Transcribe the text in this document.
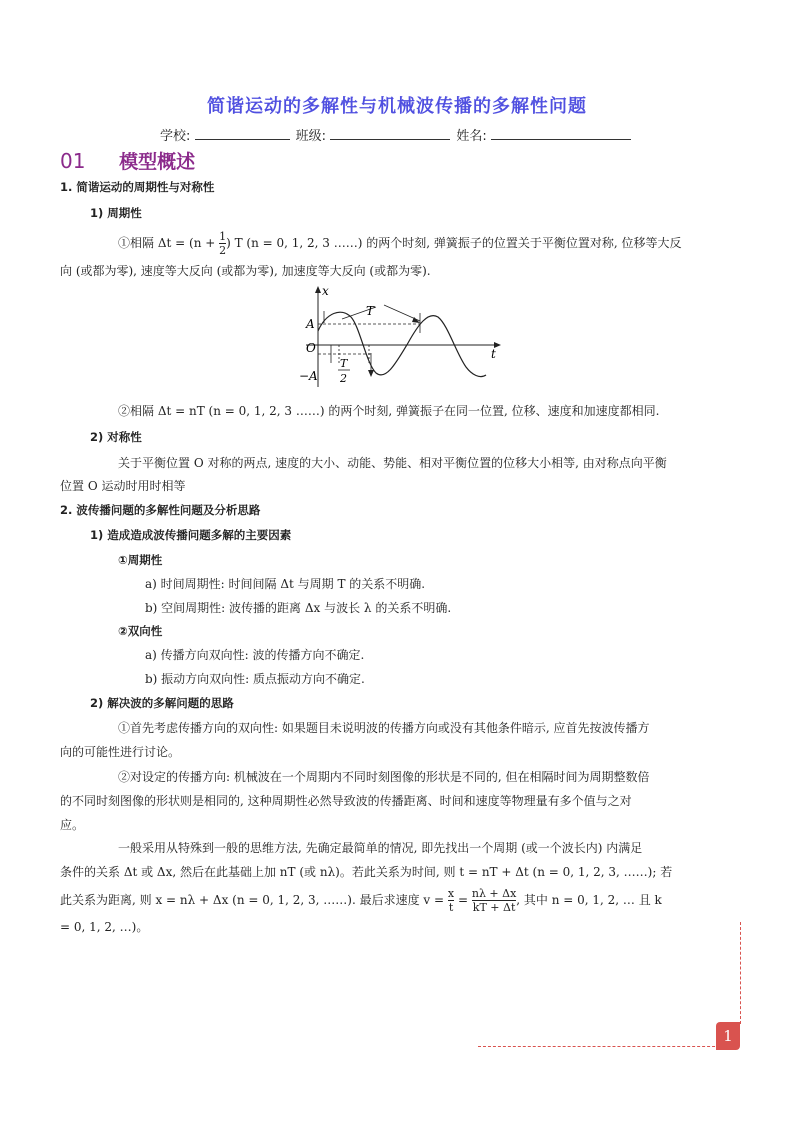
简谐运动的多解性与机械波传播的多解性问题
学校:	班级:	姓名:
01 模型概述
1. 简谐运动的周期性与对称性
1) 周期性
①相隔 $\Delta t = (n + \frac{1}{2}$ ) T (n = 0, 1, 2, 3 ……) 的两个时刻, 弹簧振子的位置关于平衡位置对称, 位移等大反
向 (或都为零), 速度等大反向 (或都为零), 加速度等大反向 (或都为零).
x
t
A
O
−A
T
T
2
②相隔 Δt = nT (n = 0, 1, 2, 3 ……) 的两个时刻, 弹簧振子在同一位置, 位移、速度和加速度都相同.
2) 对称性
关于平衡位置 O 对称的两点, 速度的大小、动能、势能、相对平衡位置的位移大小相等, 由对称点向平衡
位置 O 运动时用时相等
2. 波传播问题的多解性问题及分析思路
1) 造成造成波传播问题多解的主要因素
①周期性
a) 时间周期性: 时间间隔 Δt 与周期 T 的关系不明确.
b) 空间周期性: 波传播的距离 Δx 与波长 λ 的关系不明确.
②双向性
a) 传播方向双向性: 波的传播方向不确定.
b) 振动方向双向性: 质点振动方向不确定.
2) 解决波的多解问题的思路
①首先考虑传播方向的双向性: 如果题目未说明波的传播方向或没有其他条件暗示, 应首先按波传播方
向的可能性进行讨论。
②对设定的传播方向: 机械波在一个周期内不同时刻图像的形状是不同的, 但在相隔时间为周期整数倍
的不同时刻图像的形状则是相同的, 这种周期性必然导致波的传播距离、时间和速度等物理量有多个值与之对
应。
一般采用从特殊到一般的思维方法, 先确定最简单的情况, 即先找出一个周期 (或一个波长内) 内满足
条件的关系 Δt 或 Δx, 然后在此基础上加 nT (或 nλ)。若此关系为时间, 则 t = nT + Δt (n = 0, 1, 2, 3, ……); 若
此关系为距离, 则 x = nλ + Δx (n = 0, 1, 2, 3, ……). 最后求速度 $v = \frac{x}{t} = \frac{n\lambda + \Delta x}{kT + \Delta t}$ , 其中 n = 0, 1, 2, … 且 k
= 0, 1, 2, …)。
1
